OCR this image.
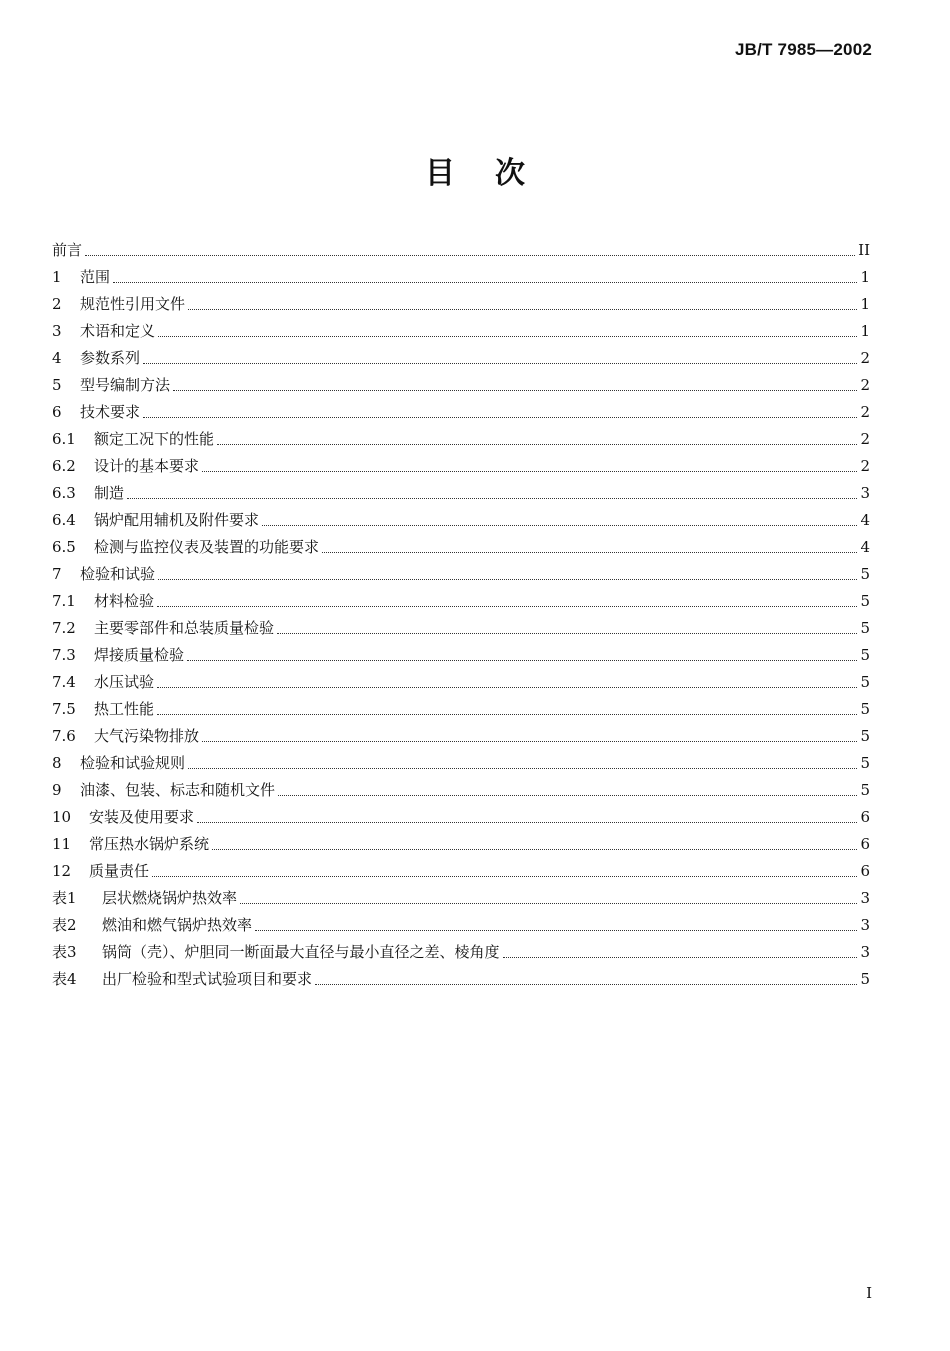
JB/T 7985—2002
目次
前言	II
1	范围	1
2	规范性引用文件	1
3	术语和定义	1
4	参数系列	2
5	型号编制方法	2
6	技术要求	2
6.1	额定工况下的性能	2
6.2	设计的基本要求	2
6.3	制造	3
6.4	锅炉配用辅机及附件要求	4
6.5	检测与监控仪表及装置的功能要求	4
7	检验和试验	5
7.1	材料检验	5
7.2	主要零部件和总装质量检验	5
7.3	焊接质量检验	5
7.4	水压试验	5
7.5	热工性能	5
7.6	大气污染物排放	5
8	检验和试验规则	5
9	油漆、包装、标志和随机文件	5
10	安装及使用要求	6
11	常压热水锅炉系统	6
12	质量责任	6
表1	层状燃烧锅炉热效率	3
表2	燃油和燃气锅炉热效率	3
表3	锅筒（壳）、炉胆同一断面最大直径与最小直径之差、棱角度	3
表4	出厂检验和型式试验项目和要求	5
I
